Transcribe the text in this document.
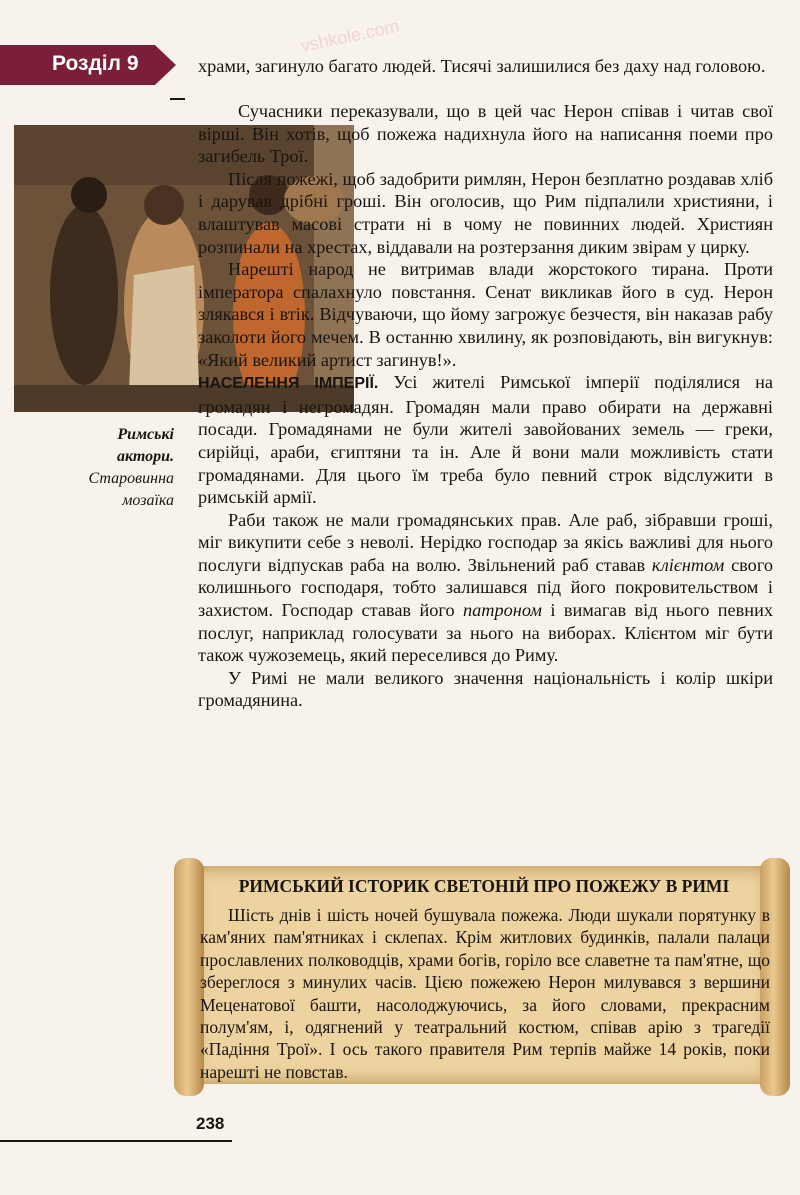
Розділ 9
Римські актори.
Старовинна мозаїка

храми, загинуло багато людей. Тисячі залишилися без даху над головою.

Сучасники переказували, що в цей час Нерон співав і читав свої вірші. Він хотів, щоб пожежа надихнула його на написання поеми про загибель Трої.

Після пожежі, щоб задобрити римлян, Нерон безплатно роздавав хліб і дарував дрібні гроші. Він оголосив, що Рим підпалили християни, і влаштував масові страти ні в чому не повинних людей. Християн розпинали на хрестах, віддавали на розтерзання диким звірам у цирку.

Нарешті народ не витримав влади жорстокого тирана. Проти імператора спалахнуло повстання. Сенат викликав його в суд. Нерон злякався і втік. Відчуваючи, що йому загрожує безчестя, він наказав рабу заколоти його мечем. В останню хвилину, як розповідають, він вигукнув: «Який великий артист загинув!».

НАСЕЛЕННЯ ІМПЕРІЇ. Усі жителі Римської імперії поділялися на громадян і негромадян. Громадян мали право обирати на державні посади. Громадянами не були жителі завойованих земель — греки, сирійці, араби, єгиптяни та ін. Але й вони мали можливість стати громадянами. Для цього їм треба було певний строк відслужити в римській армії.

Раби також не мали громадянських прав. Але раб, зібравши гроші, міг викупити себе з неволі. Нерідко господар за якісь важливі для нього послуги відпускав раба на волю. Звільнений раб ставав клієнтом свого колишнього господаря, тобто залишався під його покровительством і захистом. Господар ставав його патроном і вимагав від нього певних послуг, наприклад голосувати за нього на виборах. Клієнтом міг бути також чужоземець, який переселився до Риму.

У Римі не мали великого значення національність і колір шкіри громадянина.

РИМСЬКИЙ ІСТОРИК СВЕТОНІЙ ПРО ПОЖЕЖУ В РИМІ

Шість днів і шість ночей бушувала пожежа. Люди шукали порятунку в кам'яних пам'ятниках і склепах. Крім житлових будинків, палали палаци прославлених полководців, храми богів, горіло все славетне та пам'ятне, що збереглося з минулих часів. Цією пожежею Нерон милувався з вершини Меценатової башти, насолоджуючись, за його словами, прекрасним полум'ям, і, одягнений у театральний костюм, співав арію з трагедії «Падіння Трої». І ось такого правителя Рим терпів майже 14 років, поки нарешті не повстав.

238
vshkole.com
